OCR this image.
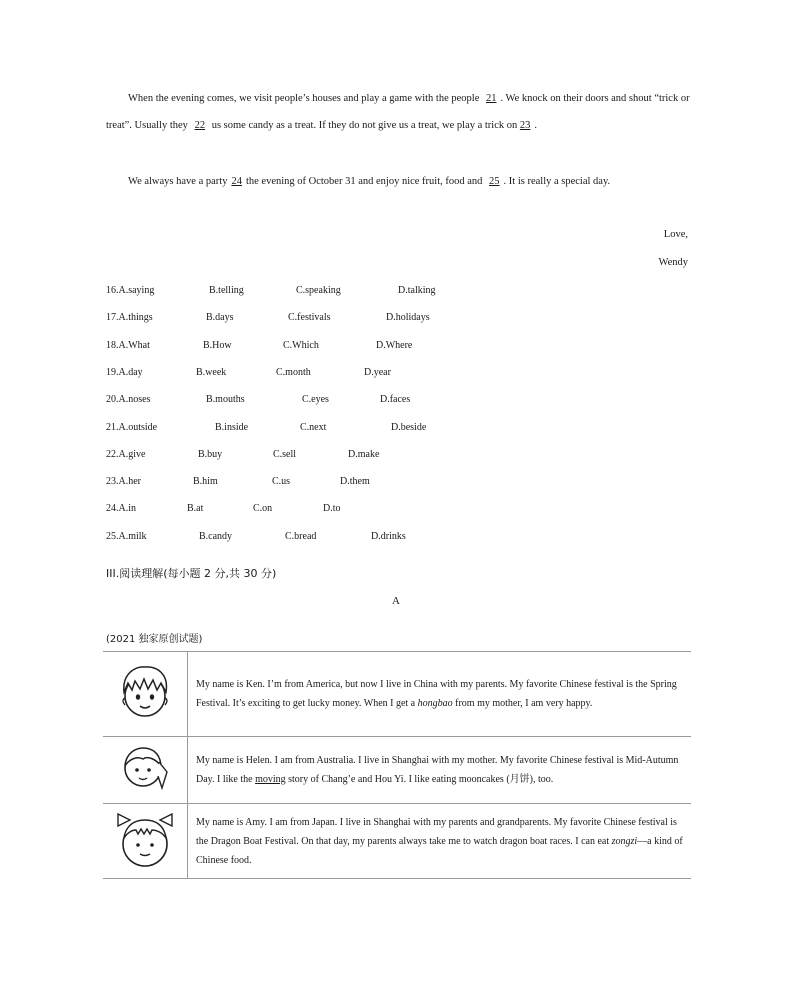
When the evening comes, we visit people’s houses and play a game with the people 21 . We knock on their doors and shout “trick or treat”. Usually they 22 us some candy as a treat. If they do not give us a treat, we play a trick on 23 .
We always have a party 24 the evening of October 31 and enjoy nice fruit, food and 25 . It is really a special day.
Love,
Wendy
16.A.saying	B.telling	C.speaking	D.talking
17.A.things	B.days	C.festivals	D.holidays
18.A.What	B.How	C.Which	D.Where
19.A.day	B.week	C.month	D.year
20.A.noses	B.mouths	C.eyes	D.faces
21.A.outside	B.inside	C.next	D.beside
22.A.give	B.buy	C.sell	D.make
23.A.her	B.him	C.us	D.them
24.A.in	B.at	C.on	D.to
25.A.milk	B.candy	C.bread	D.drinks
III.阅读理解(每小题 2 分,共 30 分)
A
(2021 独家原创试题)
	My name is Ken. I’m from America, but now I live in China with my parents. My favorite Chinese festival is the Spring Festival. It’s exciting to get lucky money. When I get a hongbao from my mother, I am very happy.
	My name is Helen. I am from Australia. I live in Shanghai with my mother. My favorite Chinese festival is Mid-Autumn Day. I like the moving story of Chang’e and Hou Yi. I like eating mooncakes (月饼), too.
	My name is Amy. I am from Japan. I live in Shanghai with my parents and grandparents. My favorite Chinese festival is the Dragon Boat Festival. On that day, my parents always take me to watch dragon boat races. I can eat zongzi—a kind of Chinese food.
